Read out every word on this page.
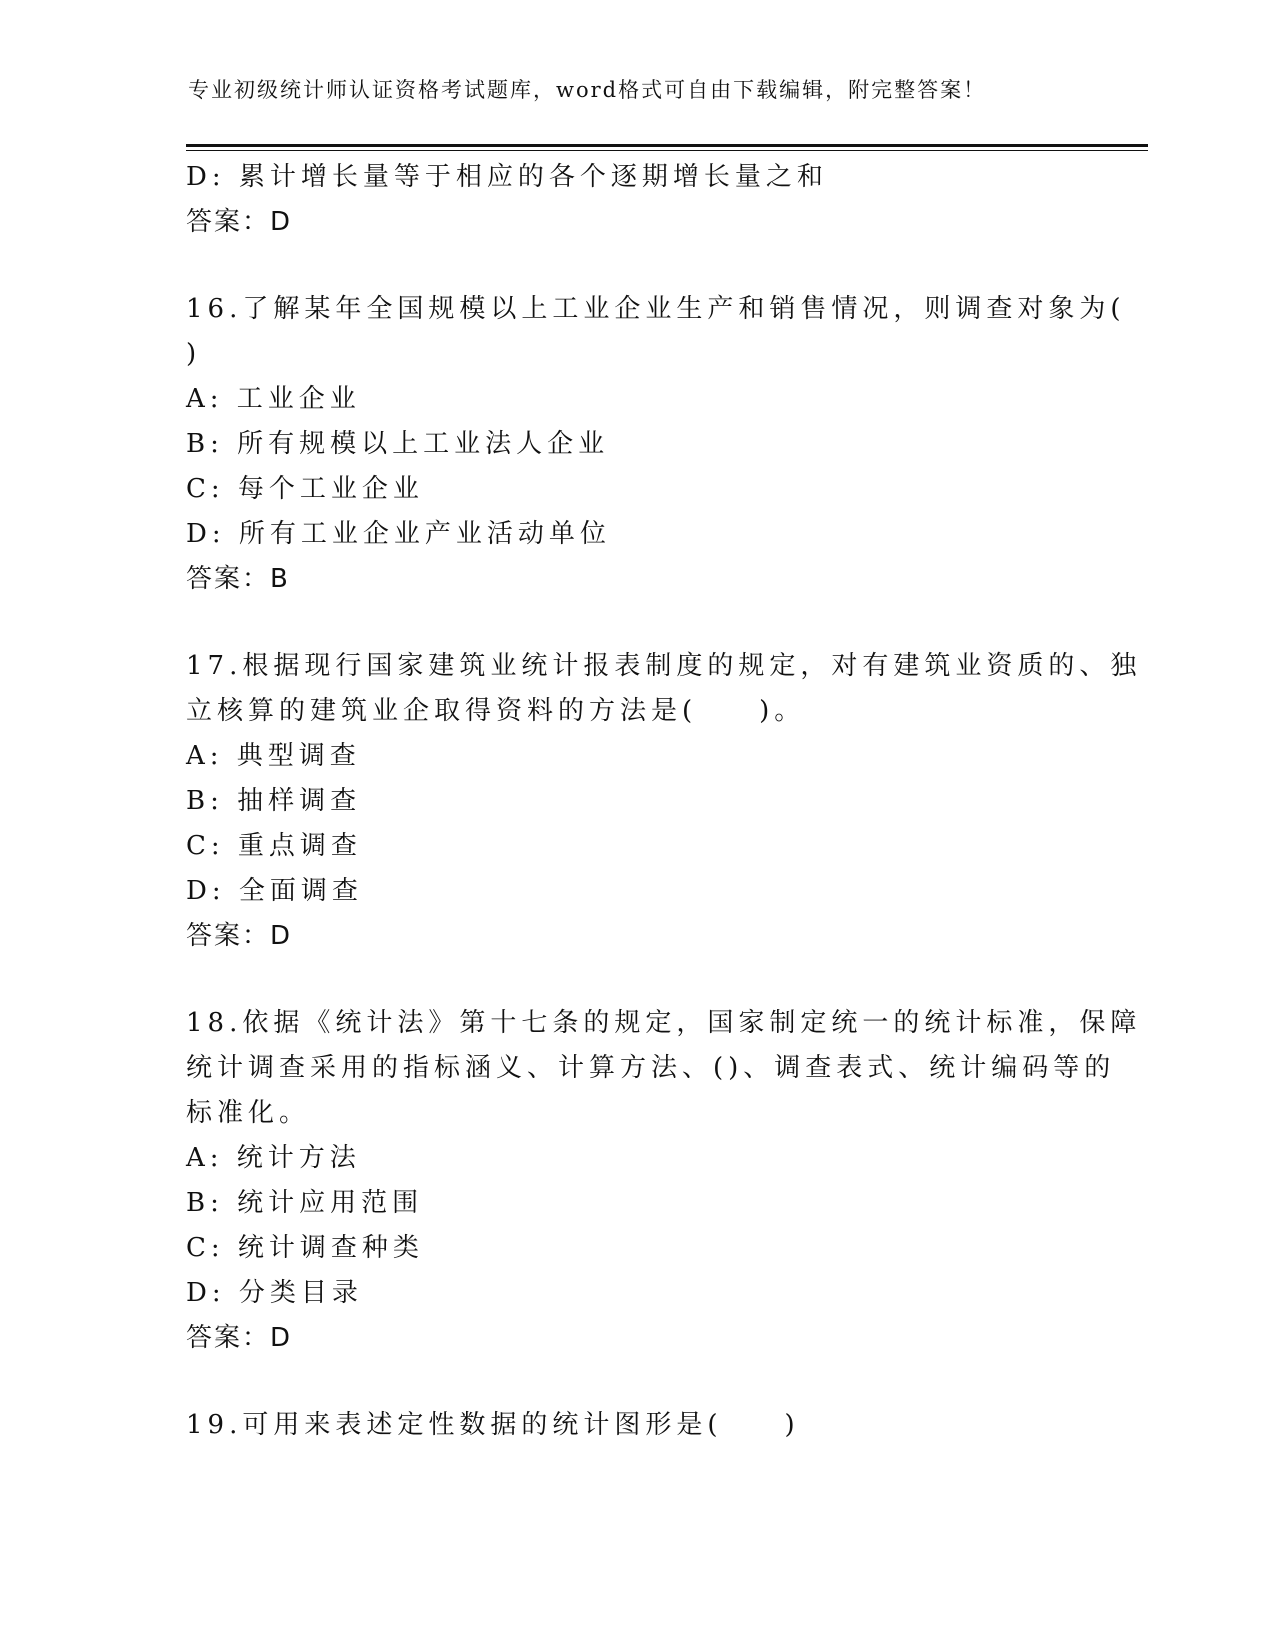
专业初级统计师认证资格考试题库，word格式可自由下载编辑，附完整答案！
D: 累计增长量等于相应的各个逐期增长量之和
答案：D
16.了解某年全国规模以上工业企业生产和销售情况，则调查对象为(
)
A: 工业企业
B: 所有规模以上工业法人企业
C: 每个工业企业
D: 所有工业企业产业活动单位
答案：B
17.根据现行国家建筑业统计报表制度的规定，对有建筑业资质的、独
立核算的建筑业企取得资料的方法是(　　)。
A: 典型调查
B: 抽样调查
C: 重点调查
D: 全面调查
答案：D
18.依据《统计法》第十七条的规定，国家制定统一的统计标准，保障
统计调查采用的指标涵义、计算方法、()、调查表式、统计编码等的
标准化。
A: 统计方法
B: 统计应用范围
C: 统计调查种类
D: 分类目录
答案：D
19.可用来表述定性数据的统计图形是(　　)
